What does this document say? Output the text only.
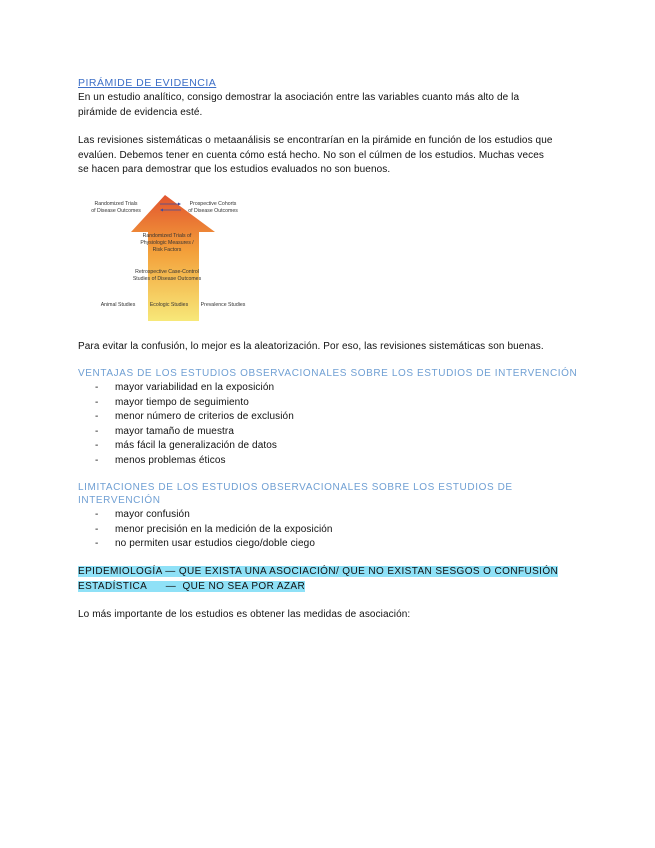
PIRÁMIDE DE EVIDENCIA
En un estudio analítico, consigo demostrar la asociación entre las variables cuanto más alto de la
pirámide de evidencia esté.
Las revisiones sistemáticas o metaanálisis se encontrarían en la pirámide en función de los estudios que
evalúen. Debemos tener en cuenta cómo está hecho. No son el cúlmen de los estudios. Muchas veces
se hacen para demostrar que los estudios evaluados no son buenos.
Randomized Trials
of Disease Outcomes
Prospective Cohorts
of Disease Outcomes
Randomized Trials of
Physiologic Measures /
Risk Factors
Retrospective Case-Control
Studies of Disease Outcomes
Animal Studies	Ecologic Studies Prevalence Studies
Para evitar la confusión, lo mejor es la aleatorización. Por eso, las revisiones sistemáticas son buenas.
VENTAJAS DE LOS ESTUDIOS OBSERVACIONALES SOBRE LOS ESTUDIOS DE INTERVENCIÓN
- mayor variabilidad en la exposición
- mayor tiempo de seguimiento
- menor número de criterios de exclusión
- mayor tamaño de muestra
- más fácil la generalización de datos
- menos problemas éticos
LIMITACIONES DE LOS ESTUDIOS OBSERVACIONALES SOBRE LOS ESTUDIOS DE
INTERVENCIÓN
- mayor confusión
- menor precisión en la medición de la exposición
- no permiten usar estudios ciego/doble ciego
EPIDEMIOLOGÍA — QUE EXISTA UNA ASOCIACIÓN/ QUE NO EXISTAN SESGOS O CONFUSIÓN
ESTADÍSTICA      —  QUE NO SEA POR AZAR
Lo más importante de los estudios es obtener las medidas de asociación:
